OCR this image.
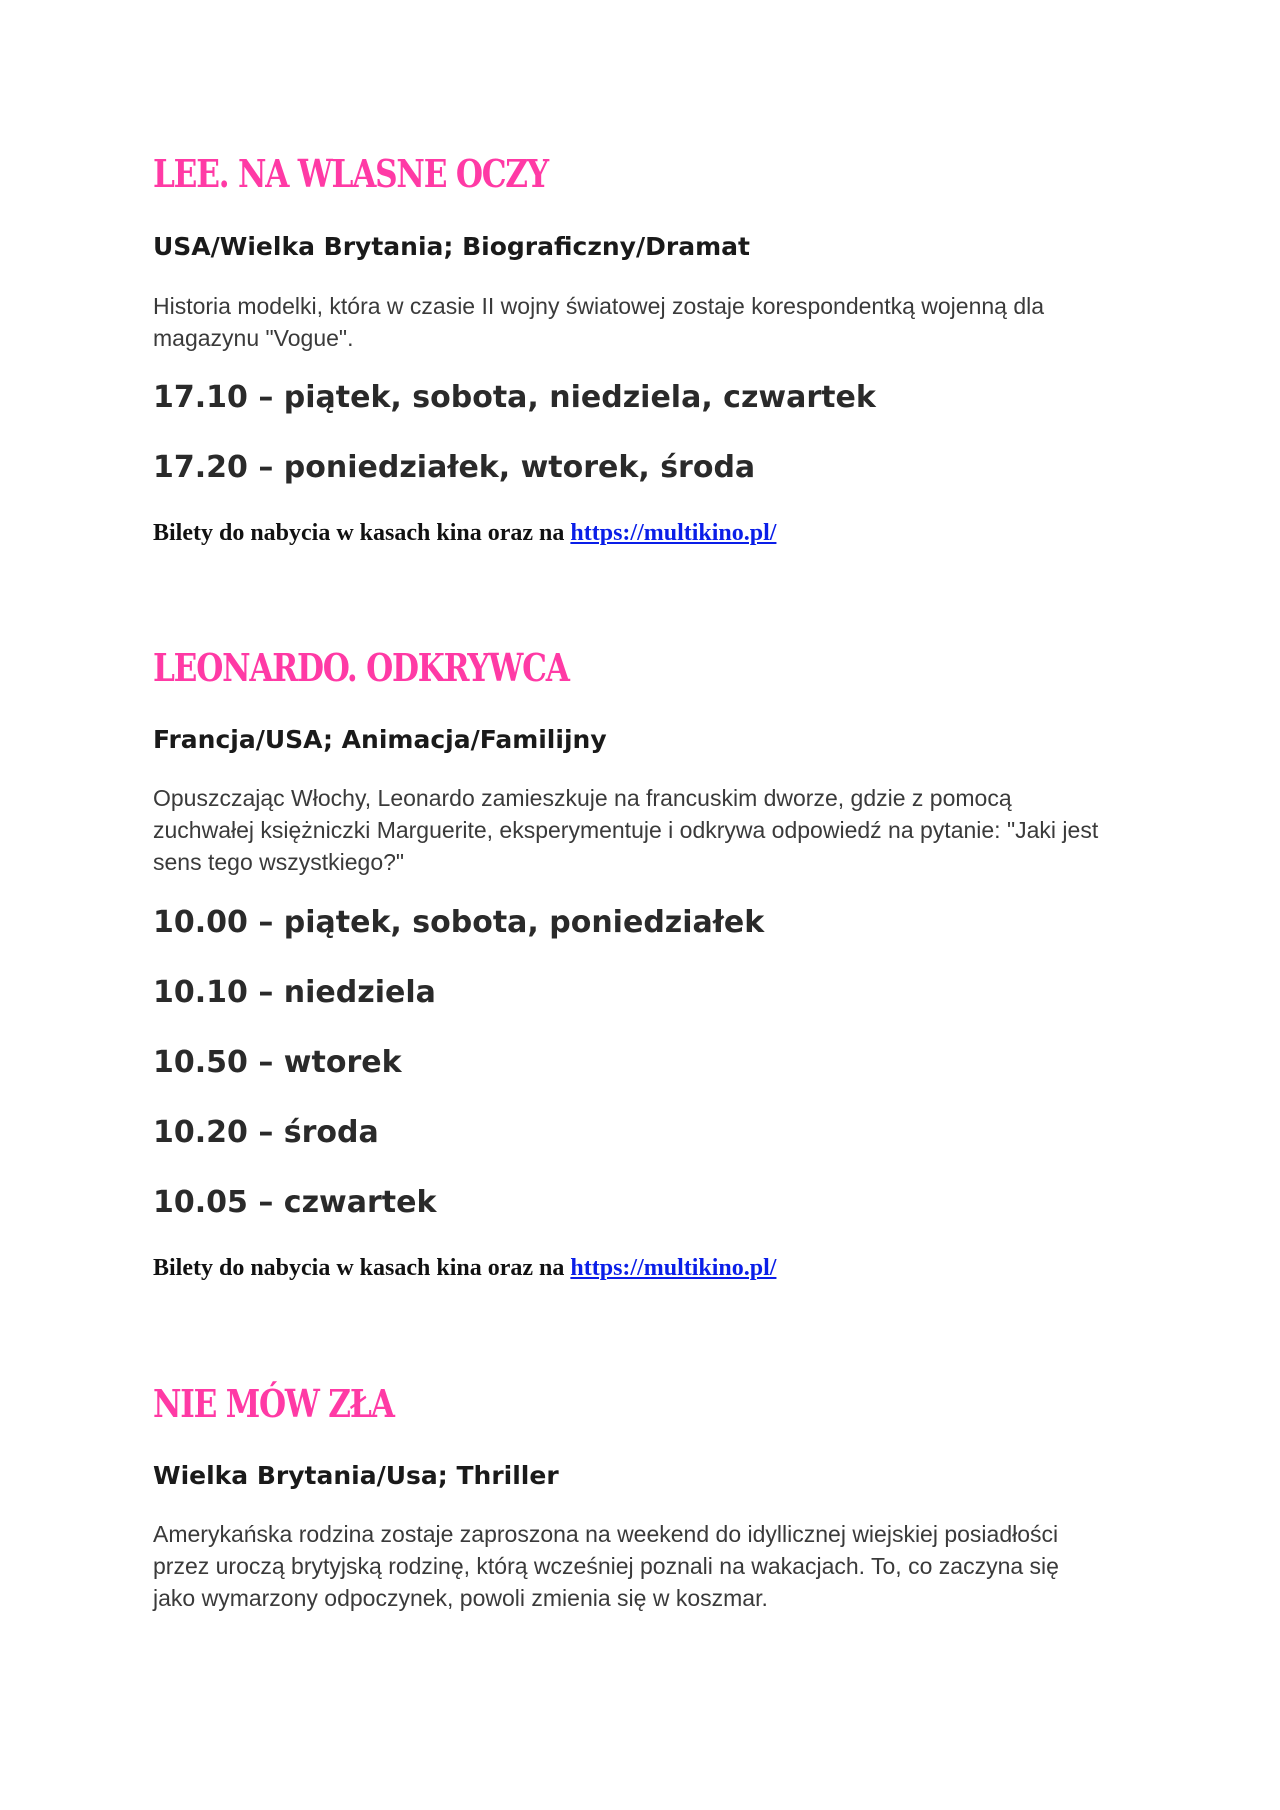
LEE. NA WLASNE OCZY
USA/Wielka Brytania; Biograficzny/Dramat
Historia modelki, która w czasie II wojny światowej zostaje korespondentką wojenną dla
magazynu "Vogue".
17.10 – piątek, sobota, niedziela, czwartek
17.20 – poniedziałek, wtorek, środa
Bilety do nabycia w kasach kina oraz na https://multikino.pl/
LEONARDO. ODKRYWCA
Francja/USA; Animacja/Familijny
Opuszczając Włochy, Leonardo zamieszkuje na francuskim dworze, gdzie z pomocą
zuchwałej księżniczki Marguerite, eksperymentuje i odkrywa odpowiedź na pytanie: "Jaki jest
sens tego wszystkiego?"
10.00 – piątek, sobota, poniedziałek
10.10 – niedziela
10.50 – wtorek
10.20 – środa
10.05 – czwartek
Bilety do nabycia w kasach kina oraz na https://multikino.pl/
NIE MÓW ZŁA
Wielka Brytania/Usa; Thriller
Amerykańska rodzina zostaje zaproszona na weekend do idyllicznej wiejskiej posiadłości
przez uroczą brytyjską rodzinę, którą wcześniej poznali na wakacjach. To, co zaczyna się
jako wymarzony odpoczynek, powoli zmienia się w koszmar.
